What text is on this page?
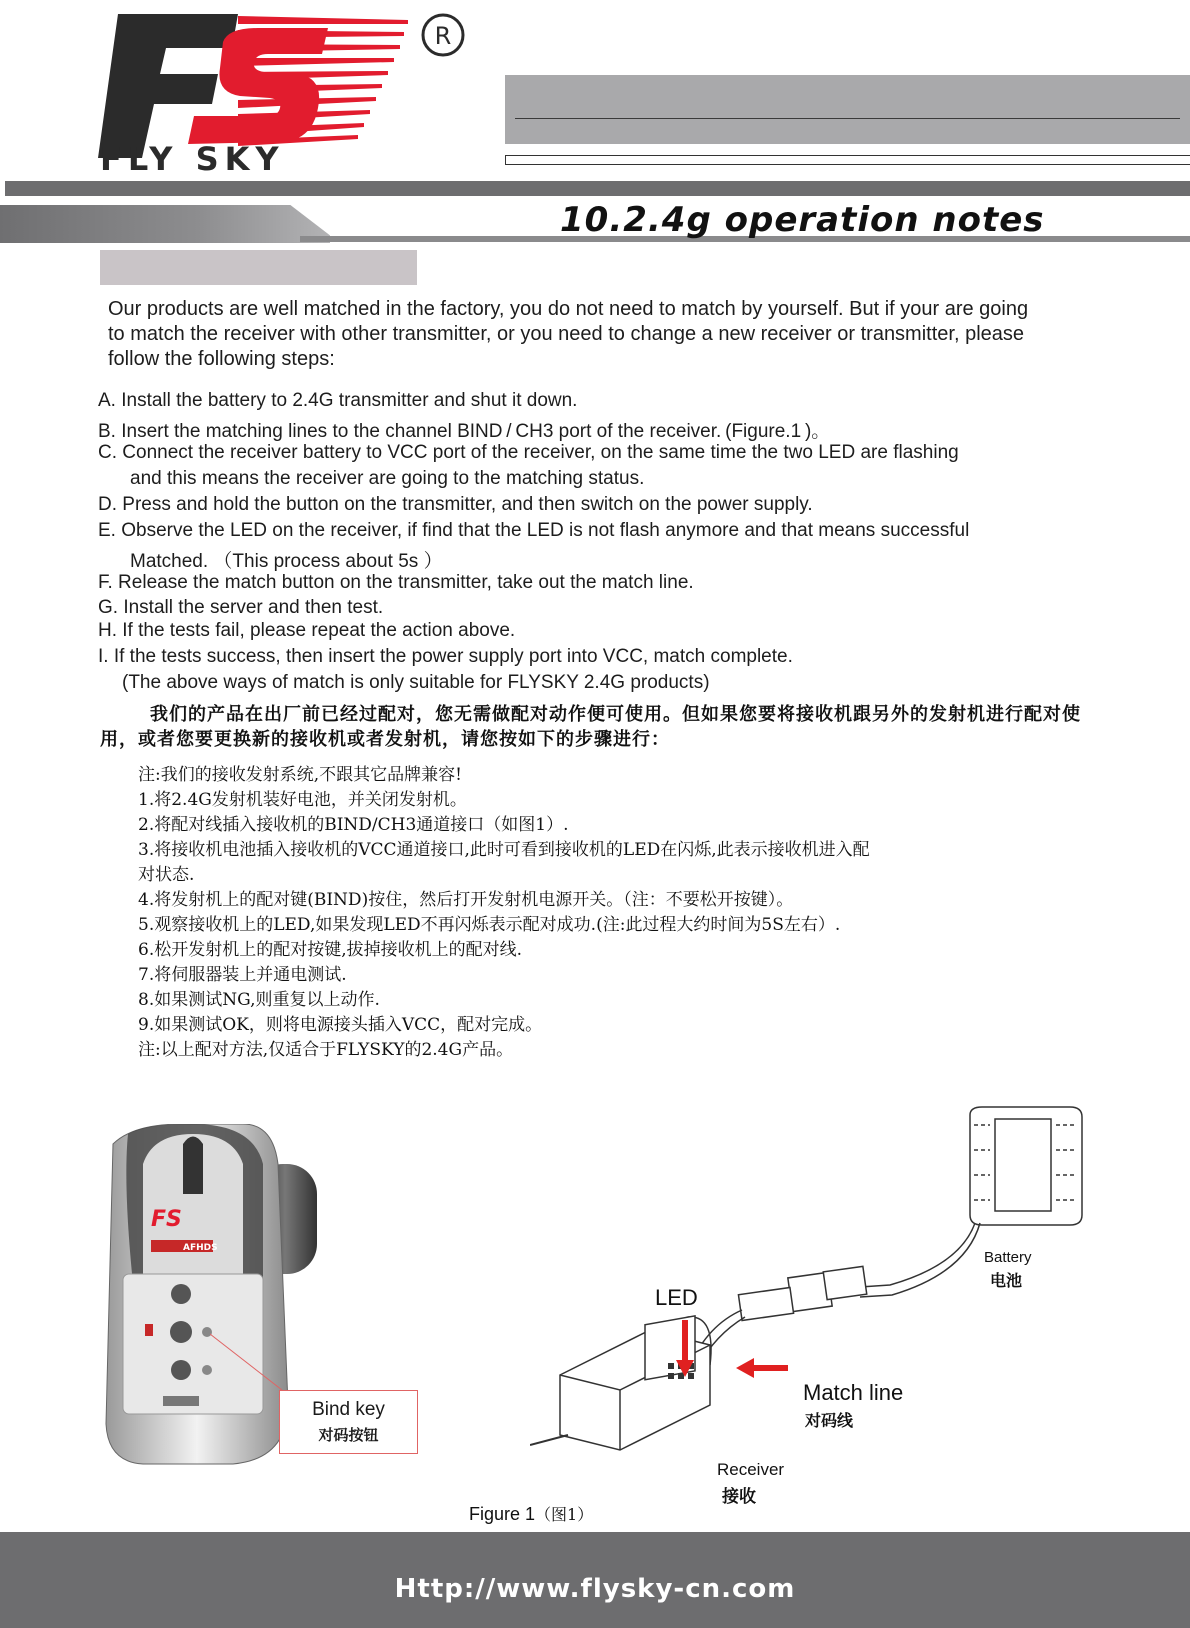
FLY SKY
R
10.2.4g operation notes
Our products are well matched in the factory, you do not need to match by yourself. But if your are going to match the receiver with other transmitter, or you need to change a new receiver or transmitter, please follow the following steps:
A. Install the battery to 2.4G transmitter and shut it down.
B. Insert the matching lines to the channel BIND / CH3 port of the receiver. (Figure.1 )。
C. Connect the receiver battery to VCC port of the receiver, on the same time the two LED are flashing
and this means the receiver are going to the matching status.
D. Press and hold the button on the transmitter, and then switch on the power supply.
E. Observe the LED on the receiver, if find that the LED is not flash anymore and that means successful
Matched. （This process about 5s ）
F. Release the match button on the transmitter, take out the match line.
G. Install the server and then test.
H. If the tests fail, please repeat the action above.
I. If the tests success, then insert the power supply port into VCC, match complete.
(The above ways of match is only suitable for FLYSKY 2.4G products)
我们的产品在出厂前已经过配对，您无需做配对动作便可使用。但如果您要将接收机跟另外的发射机进行配对使用，或者您要更换新的接收机或者发射机，请您按如下的步骤进行：
注:我们的接收发射系统,不跟其它品牌兼容!
1.将2.4G发射机装好电池，并关闭发射机。
2.将配对线插入接收机的BIND/CH3通道接口（如图1）.
3.将接收机电池插入接收机的VCC通道接口,此时可看到接收机的LED在闪烁,此表示接收机进入配
对状态.
4.将发射机上的配对键(BIND)按住，然后打开发射机电源开关。（注：不要松开按键）。
5.观察接收机上的LED,如果发现LED不再闪烁表示配对成功.(注:此过程大约时间为5S左右）.
6.松开发射机上的配对按键,拔掉接收机上的配对线.
7.将伺服器装上并通电测试.
8.如果测试NG,则重复以上动作.
9.如果测试OK，则将电源接头插入VCC，配对完成。
注:以上配对方法,仅适合于FLYSKY的2.4G产品。
FS
AFHDS
Bind key
对码按钮
LED
Match line
对码线
Battery
电池
Receiver
接收
Figure 1（图1）
Http://www.flysky-cn.com
